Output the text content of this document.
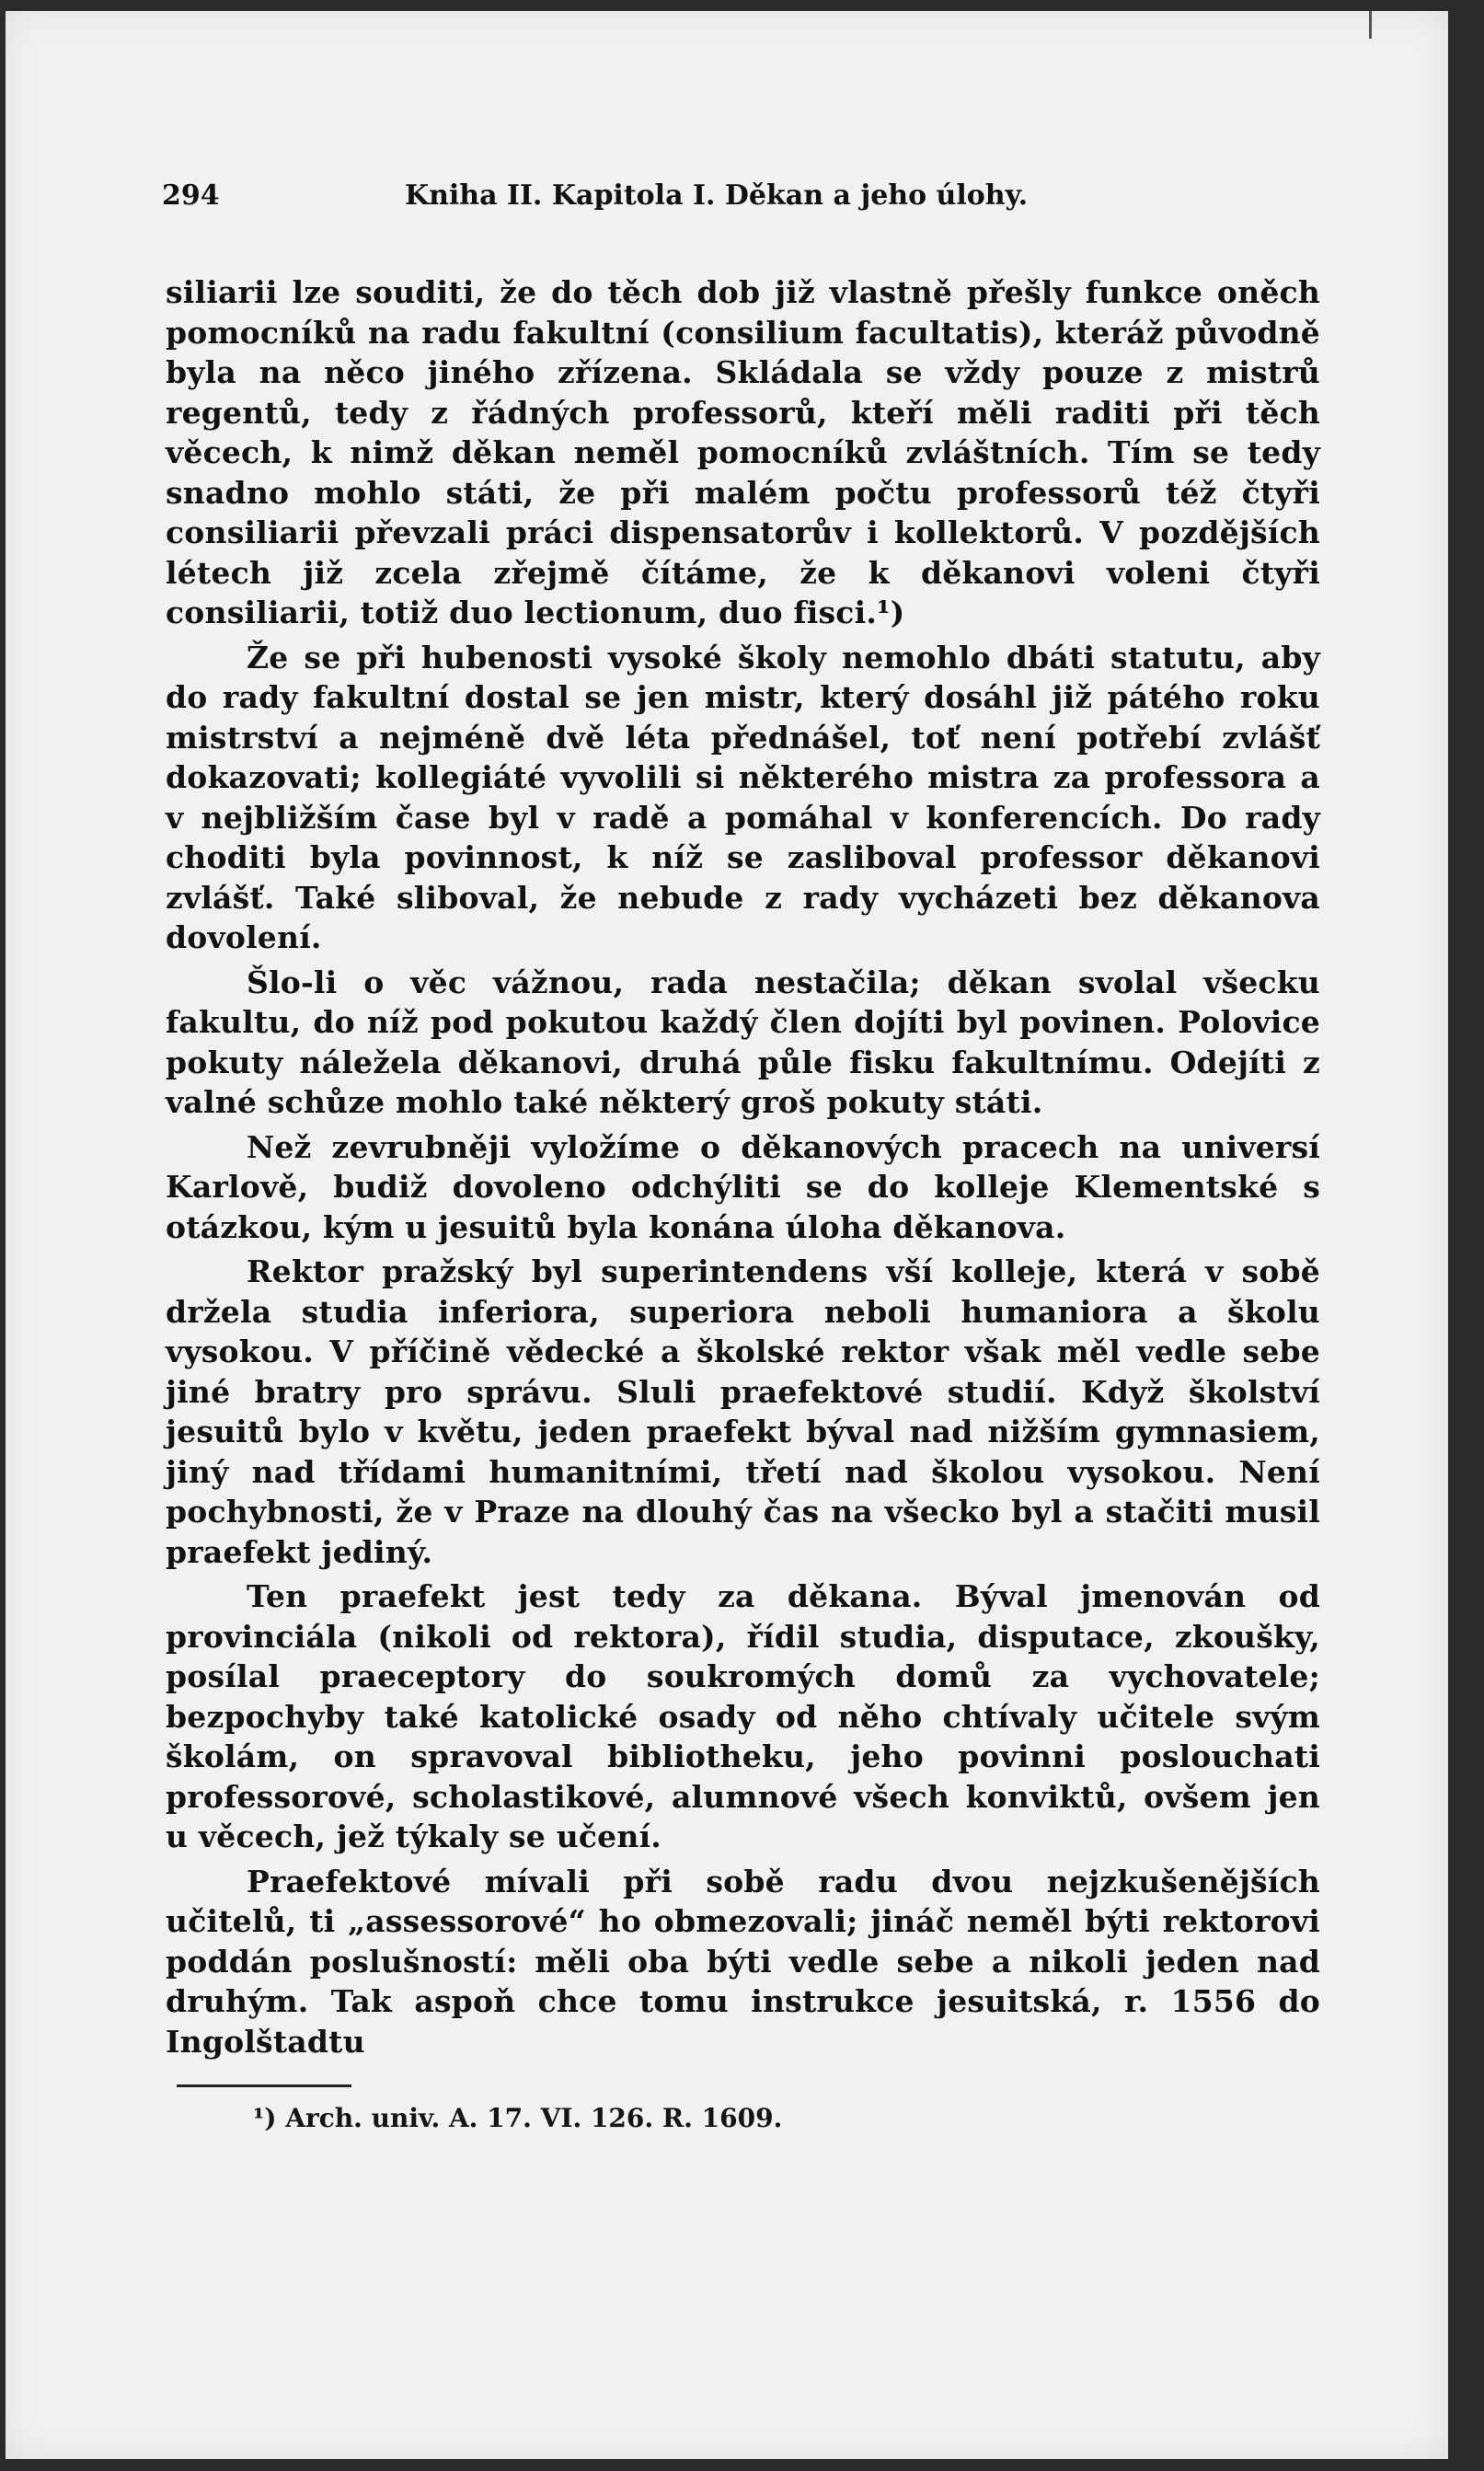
294	Kniha II. Kapitola I. Děkan a jeho úlohy.

siliarii lze souditi, že do těch dob již vlastně přešly funkce oněch pomocníků na radu fakultní (consilium facultatis), kteráž původně byla na něco jiného zřízena. Skládala se vždy pouze z mistrů regentů, tedy z řádných professorů, kteří měli raditi při těch věcech, k nimž děkan neměl pomocníků zvláštních. Tím se tedy snadno mohlo státi, že při malém počtu professorů též čtyři consiliarii převzali práci dispensatorův i kollektorů. V pozdějších létech již zcela zřejmě čítáme, že k děkanovi voleni čtyři consiliarii, totiž duo lectionum, duo fisci.¹)

Že se při hubenosti vysoké školy nemohlo dbáti statutu, aby do rady fakultní dostal se jen mistr, který dosáhl již pátého roku mistrství a nejméně dvě léta přednášel, toť není potřebí zvlášť dokazovati; kollegiáté vyvolili si některého mistra za professora a v nejbližším čase byl v radě a pomáhal v konferencích. Do rady choditi byla povinnost, k níž se zasliboval professor děkanovi zvlášť. Také sliboval, že nebude z rady vycházeti bez děkanova dovolení.

Šlo-li o věc vážnou, rada nestačila; děkan svolal všecku fakultu, do níž pod pokutou každý člen dojíti byl povinen. Polovice pokuty náležela děkanovi, druhá půle fisku fakultnímu. Odejíti z valné schůze mohlo také některý groš pokuty státi.

Než zevrubněji vyložíme o děkanových pracech na universí Karlově, budiž dovoleno odchýliti se do kolleje Klementské s otázkou, kým u jesuitů byla konána úloha děkanova.

Rektor pražský byl superintendens vší kolleje, která v sobě držela studia inferiora, superiora neboli humaniora a školu vysokou. V příčině vědecké a školské rektor však měl vedle sebe jiné bratry pro správu. Sluli praefektové studií. Když školství jesuitů bylo v květu, jeden praefekt býval nad nižším gymnasiem, jiný nad třídami humanitními, třetí nad školou vysokou. Není pochybnosti, že v Praze na dlouhý čas na všecko byl a stačiti musil praefekt jediný.

Ten praefekt jest tedy za děkana. Býval jmenován od provinciála (nikoli od rektora), řídil studia, disputace, zkoušky, posílal praeceptory do soukromých domů za vychovatele; bezpochyby také katolické osady od něho chtívaly učitele svým školám, on spravoval bibliotheku, jeho povinni poslouchati professorové, scholastikové, alumnové všech konviktů, ovšem jen u věcech, jež týkaly se učení.

Praefektové mívali při sobě radu dvou nejzkušenějších učitelů, ti „assessorové“ ho obmezovali; jináč neměl býti rektorovi poddán poslušností: měli oba býti vedle sebe a nikoli jeden nad druhým. Tak aspoň chce tomu instrukce jesuitská, r. 1556 do Ingolštadtu

¹) Arch. univ. A. 17. VI. 126. R. 1609.
